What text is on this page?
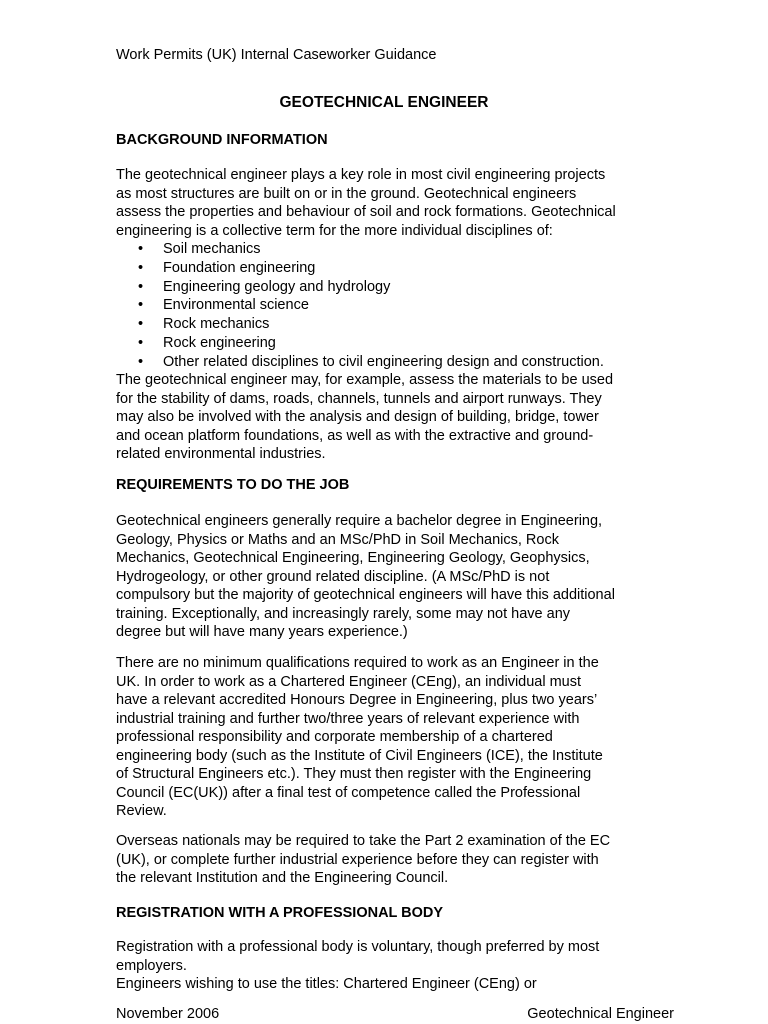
Work Permits (UK) Internal Caseworker Guidance
GEOTECHNICAL ENGINEER
BACKGROUND INFORMATION
The geotechnical engineer plays a key role in most civil engineering projects
as most structures are built on or in the ground. Geotechnical engineers
assess the properties and behaviour of soil and rock formations. Geotechnical
engineering is a collective term for the more individual disciplines of:
• Soil mechanics
• Foundation engineering
• Engineering geology and hydrology
• Environmental science
• Rock mechanics
• Rock engineering
• Other related disciplines to civil engineering design and construction.
The geotechnical engineer may, for example, assess the materials to be used
for the stability of dams, roads, channels, tunnels and airport runways. They
may also be involved with the analysis and design of building, bridge, tower
and ocean platform foundations, as well as with the extractive and ground-
related environmental industries.
REQUIREMENTS TO DO THE JOB
Geotechnical engineers generally require a bachelor degree in Engineering,
Geology, Physics or Maths and an MSc/PhD in Soil Mechanics, Rock
Mechanics, Geotechnical Engineering, Engineering Geology, Geophysics,
Hydrogeology, or other ground related discipline. (A MSc/PhD is not
compulsory but the majority of geotechnical engineers will have this additional
training. Exceptionally, and increasingly rarely, some may not have any
degree but will have many years experience.)
There are no minimum qualifications required to work as an Engineer in the
UK. In order to work as a Chartered Engineer (CEng), an individual must
have a relevant accredited Honours Degree in Engineering, plus two years’
industrial training and further two/three years of relevant experience with
professional responsibility and corporate membership of a chartered
engineering body (such as the Institute of Civil Engineers (ICE), the Institute
of Structural Engineers etc.). They must then register with the Engineering
Council (EC(UK)) after a final test of competence called the Professional
Review.
Overseas nationals may be required to take the Part 2 examination of the EC
(UK), or complete further industrial experience before they can register with
the relevant Institution and the Engineering Council.
REGISTRATION WITH A PROFESSIONAL BODY
Registration with a professional body is voluntary, though preferred by most
employers.
Engineers wishing to use the titles: Chartered Engineer (CEng) or
November 2006	Geotechnical Engineer
